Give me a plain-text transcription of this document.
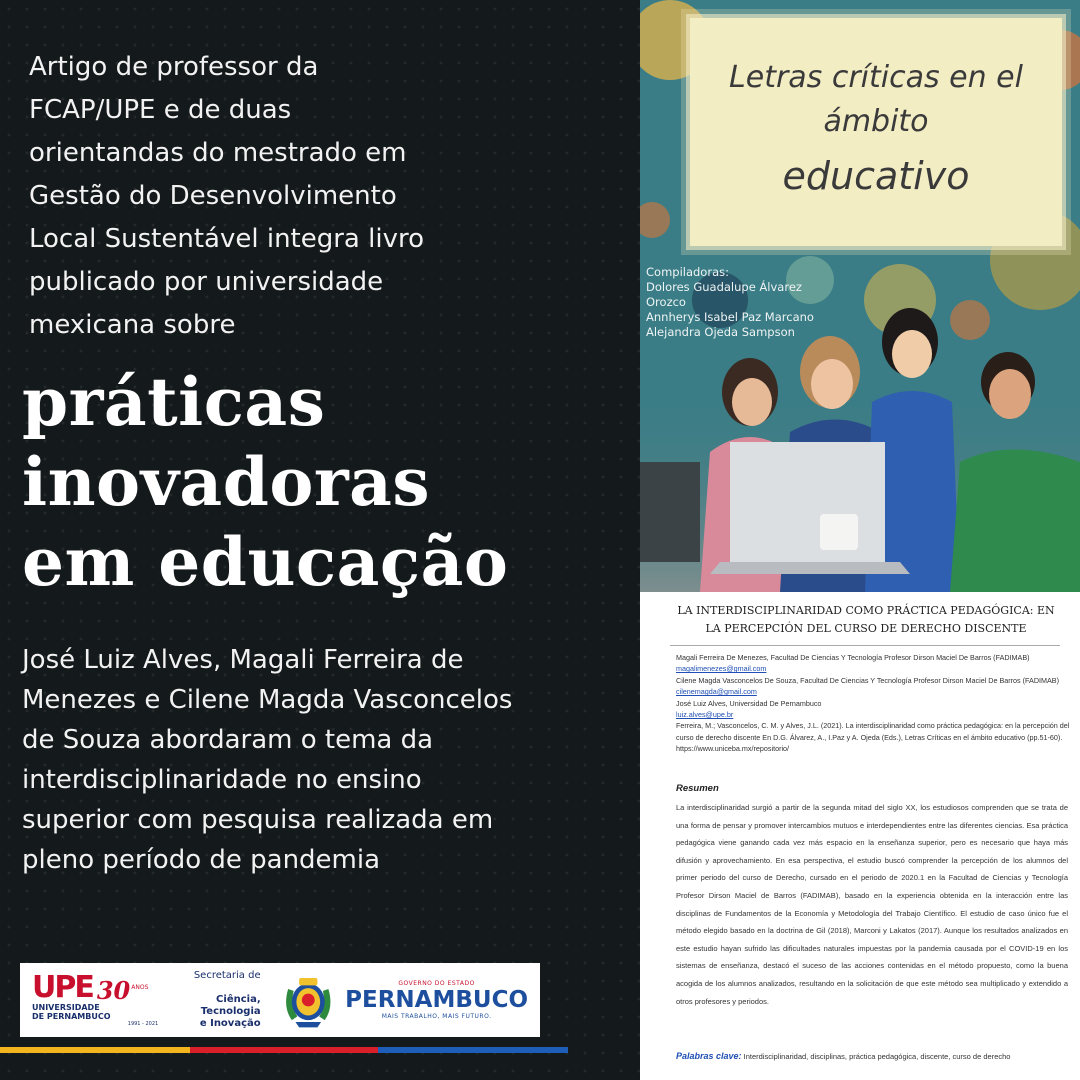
Artigo de professor da
FCAP/UPE e de duas
orientandas do mestrado em
Gestão do Desenvolvimento
Local Sustentável integra livro
publicado por universidade
mexicana sobre
práticas
inovadoras
em educação
José Luiz Alves, Magali Ferreira de
Menezes e Cilene Magda Vasconcelos
de Souza abordaram o tema da
interdisciplinaridade no ensino
superior com pesquisa realizada em
pleno período de pandemia
UPE 30 ANOS
UNIVERSIDADE
DE PERNAMBUCO
1991 - 2021

Secretaria de

Ciência, Tecnologia
e Inovação

GOVERNO DO ESTADO
PERNAMBUCO
MAIS TRABALHO, MAIS FUTURO.
Letras críticas en el
ámbito
educativo
Compiladoras:
Dolores Guadalupe Álvarez
Orozco
Annherys Isabel Paz Marcano
Alejandra Ojeda Sampson
LA INTERDISCIPLINARIDAD COMO PRÁCTICA PEDAGÓGICA: EN
LA PERCEPCIÓN DEL CURSO DE DERECHO DISCENTE
Magali Ferreira De Menezes, Facultad De Ciencias Y Tecnología Profesor Dirson Maciel De Barros (FADIMAB)
magalimenezes@gmail.com
Cilene Magda Vasconcelos De Souza, Facultad De Ciencias Y Tecnología Profesor Dirson Maciel De Barros (FADIMAB)
cilenemagda@gmail.com
José Luiz Alves, Universidad De Pernambuco
luiz.alves@upe.br
Ferreira, M.; Vasconcelos, C. M. y Alves, J.L. (2021). La interdisciplinaridad como práctica pedagógica: en la percepción del curso de derecho discente En D.G. Álvarez, A., I.Paz y A. Ojeda (Eds.), Letras Críticas en el ámbito educativo (pp.51-60). https://www.uniceba.mx/repositorio/
Resumen
La interdisciplinaridad surgió a partir de la segunda mitad del siglo XX, los estudiosos comprenden que se trata de una forma de pensar y promover intercambios mutuos e interdependientes entre las diferentes ciencias. Esa práctica pedagógica viene ganando cada vez más espacio en la enseñanza superior, pero es necesario que haya más difusión y aprovechamiento. En esa perspectiva, el estudio buscó comprender la percepción de los alumnos del primer periodo del curso de Derecho, cursado en el periodo de 2020.1 en la Facultad de Ciencias y Tecnología Profesor Dirson Maciel de Barros (FADIMAB), basado en la experiencia obtenida en la interacción entre las disciplinas de Fundamentos de la Economía y Metodología del Trabajo Científico. El estudio de caso único fue el método elegido basado en la doctrina de Gil (2018), Marconi y Lakatos (2017). Aunque los resultados analizados en este estudio hayan sufrido las dificultades naturales impuestas por la pandemia causada por el COVID-19 en los sistemas de enseñanza, destacó el suceso de las acciones contenidas en el método propuesto, como la buena acogida de los alumnos analizados, resultando en la solicitación de que este método sea multiplicado y extendido a otros profesores y periodos.
Palabras clave: Interdisciplinaridad, disciplinas, práctica pedagógica, discente, curso de derecho
